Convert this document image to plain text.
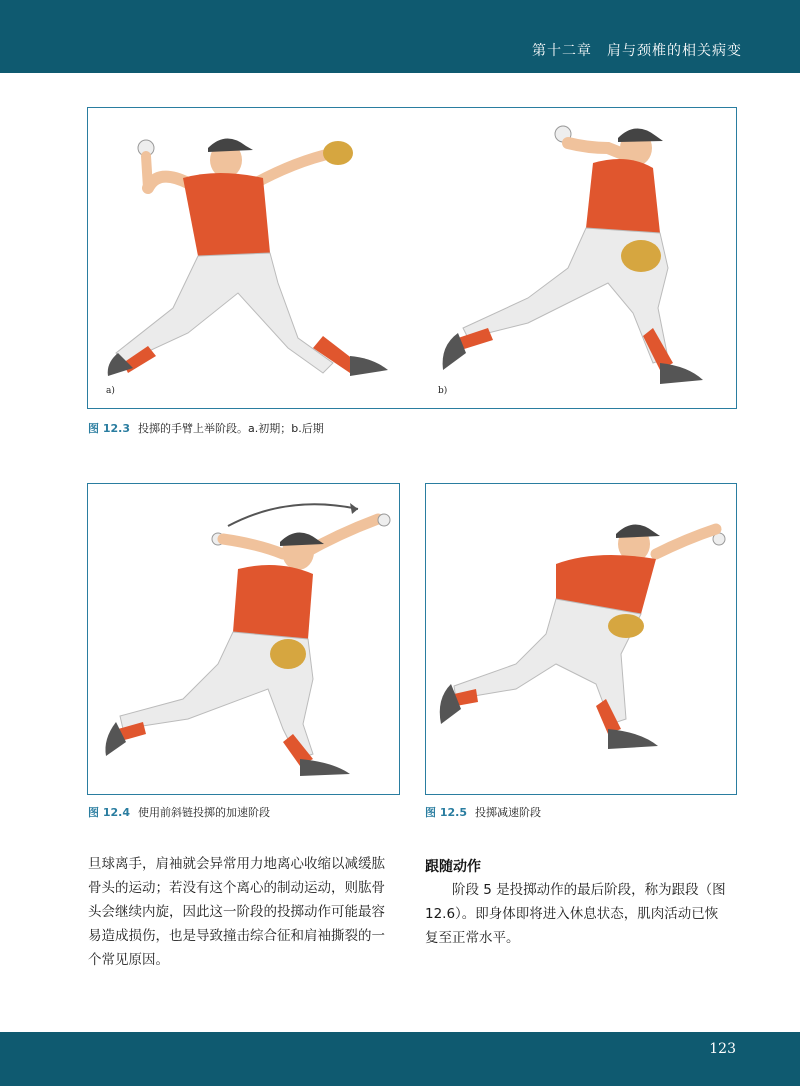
第十二章　肩与颈椎的相关病变
a)	b)
图 12.3 投掷的手臂上举阶段。a.初期；b.后期
图 12.4 使用前斜链投掷的加速阶段	图 12.5 投掷减速阶段
旦球离手，肩袖就会异常用力地离心收缩以减缓肱
骨头的运动；若没有这个离心的制动运动，则肱骨
头会继续内旋，因此这一阶段的投掷动作可能最容
易造成损伤，也是导致撞击综合征和肩袖撕裂的一
个常见原因。
跟随动作
阶段 5 是投掷动作的最后阶段，称为跟段（图
12.6）。即身体即将进入休息状态，肌肉活动已恢
复至正常水平。
123
